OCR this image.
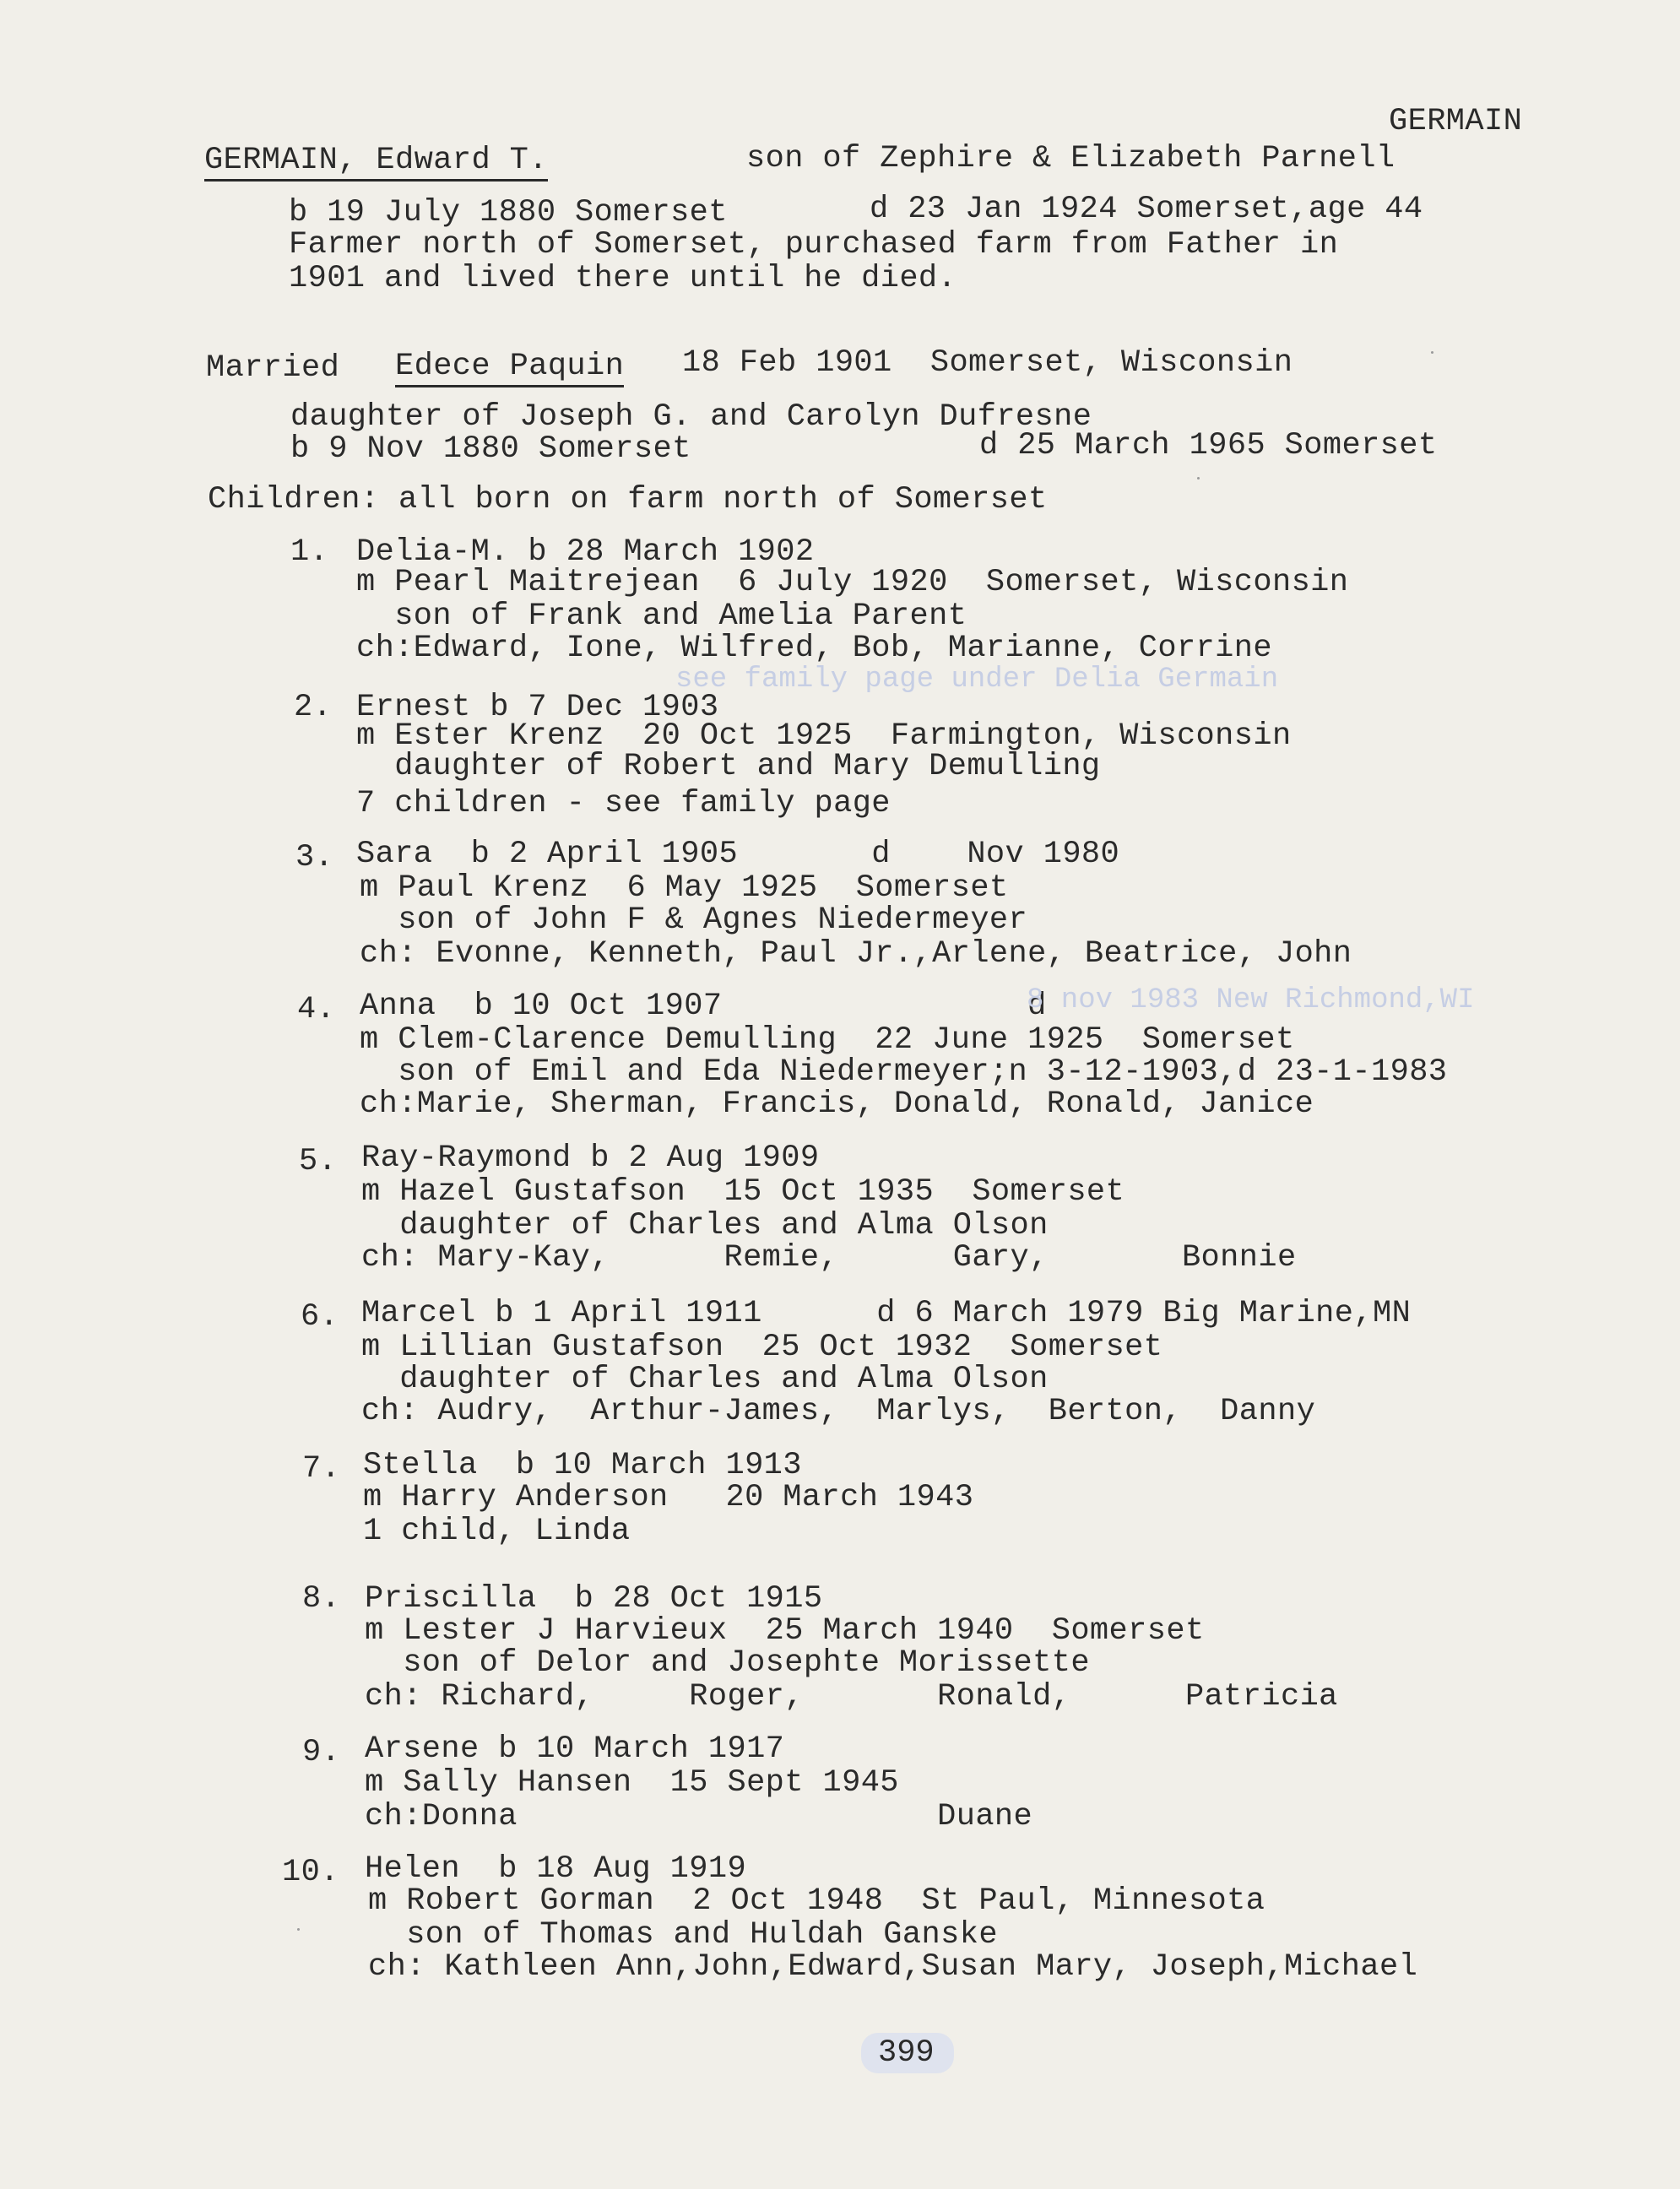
GERMAIN
GERMAIN, Edward T.	son of Zephire & Elizabeth Parnell
b 19 July 1880 Somerset	d 23 Jan 1924 Somerset,age 44
Farmer north of Somerset, purchased farm from Father in
1901 and lived there until he died.
Married Edece Paquin 18 Feb 1901  Somerset, Wisconsin
daughter of Joseph G. and Carolyn Dufresne
b 9 Nov 1880 Somerset	d 25 March 1965 Somerset
Children: all born on farm north of Somerset
1. Delia-M. b 28 March 1902
m Pearl Maitrejean  6 July 1920  Somerset, Wisconsin
son of Frank and Amelia Parent
ch:Edward, Ione, Wilfred, Bob, Marianne, Corrine
see family page under Delia Germain
2. Ernest b 7 Dec 1903
m Ester Krenz  20 Oct 1925  Farmington, Wisconsin
daughter of Robert and Mary Demulling
7 children - see family page
3. Sara  b 2 April 1905       d    Nov 1980
m Paul Krenz  6 May 1925  Somerset
son of John F & Agnes Niedermeyer
ch: Evonne, Kenneth, Paul Jr.,Arlene, Beatrice, John
4. Anna  b 10 Oct 1907                d
8 nov 1983 New Richmond,WI
m Clem-Clarence Demulling  22 June 1925  Somerset
son of Emil and Eda Niedermeyer;n 3-12-1903,d 23-1-1983
ch:Marie, Sherman, Francis, Donald, Ronald, Janice
5. Ray-Raymond b 2 Aug 1909
m Hazel Gustafson  15 Oct 1935  Somerset
daughter of Charles and Alma Olson
ch: Mary-Kay,      Remie,      Gary,       Bonnie
6. Marcel b 1 April 1911      d 6 March 1979 Big Marine,MN
m Lillian Gustafson  25 Oct 1932  Somerset
daughter of Charles and Alma Olson
ch: Audry,  Arthur-James,  Marlys,  Berton,  Danny
7. Stella  b 10 March 1913
m Harry Anderson   20 March 1943
1 child, Linda
8. Priscilla  b 28 Oct 1915
m Lester J Harvieux  25 March 1940  Somerset
son of Delor and Josephte Morissette
ch: Richard,     Roger,       Ronald,      Patricia
9. Arsene b 10 March 1917
m Sally Hansen  15 Sept 1945
ch:Donna                      Duane
10. Helen  b 18 Aug 1919
m Robert Gorman  2 Oct 1948  St Paul, Minnesota
son of Thomas and Huldah Ganske
ch: Kathleen Ann,John,Edward,Susan Mary, Joseph,Michael
399
